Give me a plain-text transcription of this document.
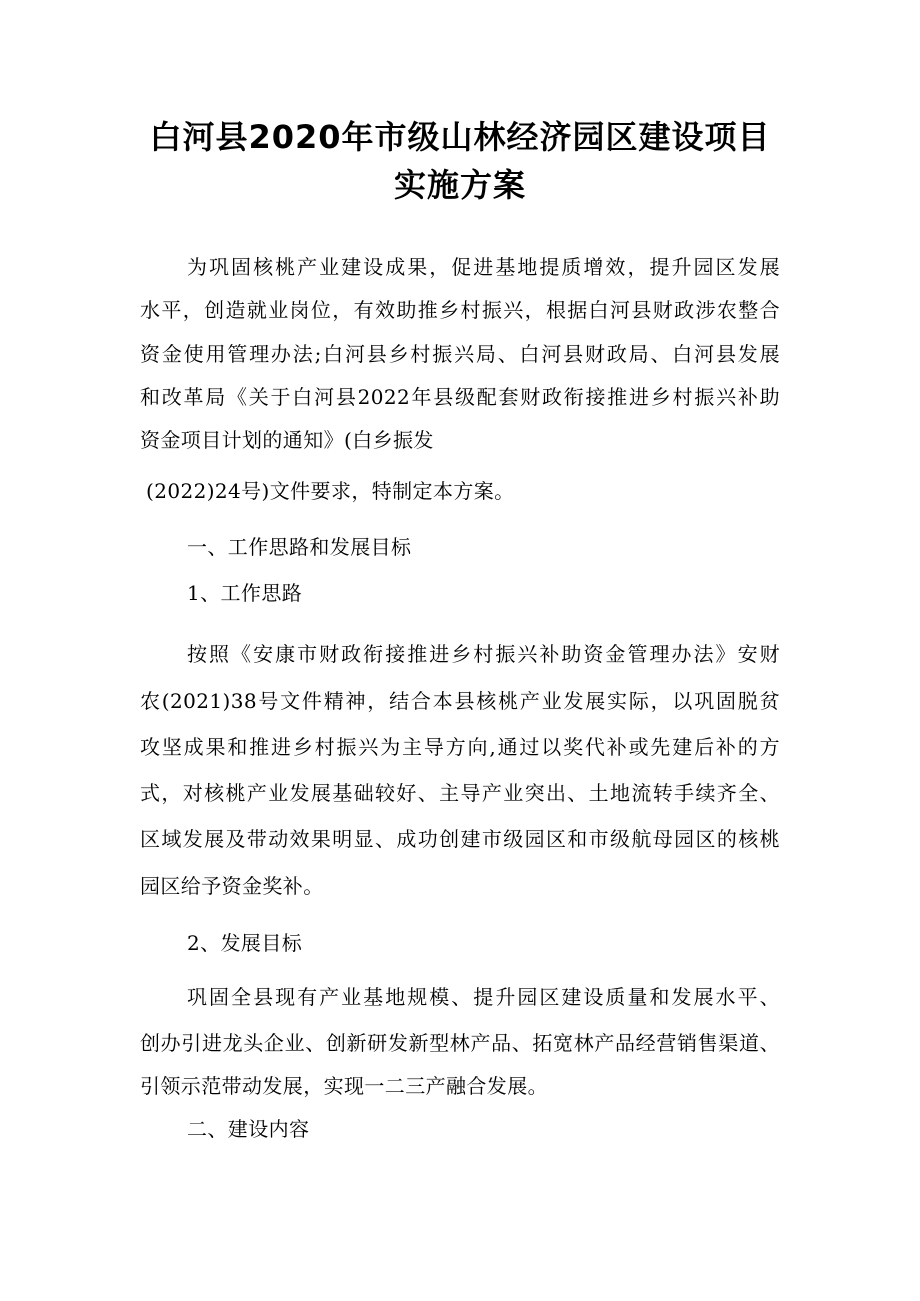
白河县2020年市级山林经济园区建设项目
实施方案
为巩固核桃产业建设成果，促进基地提质增效，提升园区发展
水平，创造就业岗位，有效助推乡村振兴，根据白河县财政涉农整合
资金使用管理办法;白河县乡村振兴局、白河县财政局、白河县发展
和改革局《关于白河县2022年县级配套财政衔接推进乡村振兴补助
资金项目计划的通知》(白乡振发
(2022)24号)文件要求，特制定本方案。
一、工作思路和发展目标
1、工作思路
按照《安康市财政衔接推进乡村振兴补助资金管理办法》安财
农(2021)38号文件精神，结合本县核桃产业发展实际，以巩固脱贫
攻坚成果和推进乡村振兴为主导方向,通过以奖代补或先建后补的方
式，对核桃产业发展基础较好、主导产业突出、土地流转手续齐全、
区域发展及带动效果明显、成功创建市级园区和市级航母园区的核桃
园区给予资金奖补。
2、发展目标
巩固全县现有产业基地规模、提升园区建设质量和发展水平、
创办引进龙头企业、创新研发新型林产品、拓宽林产品经营销售渠道、
引领示范带动发展，实现一二三产融合发展。
二、建设内容
